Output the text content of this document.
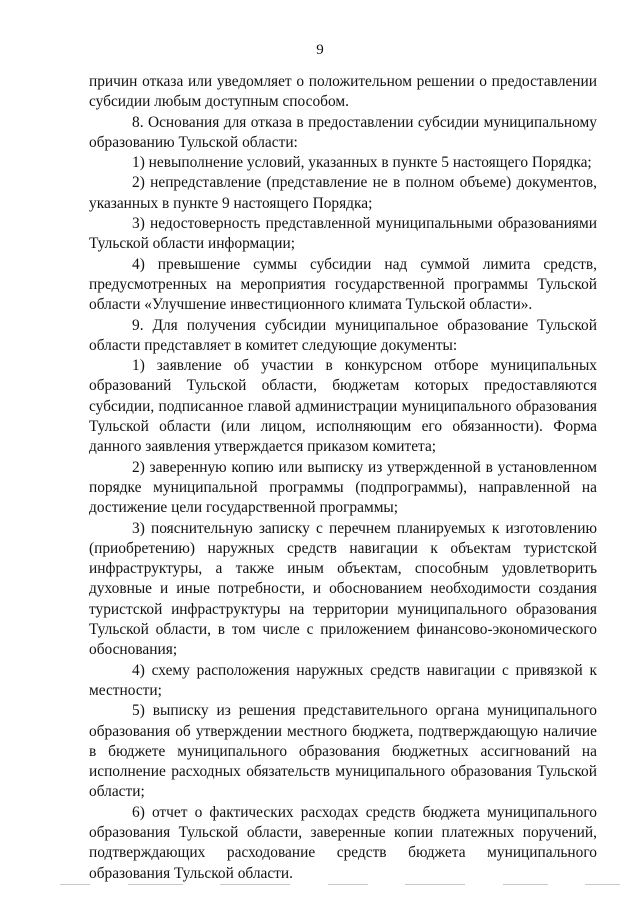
9

причин отказа или уведомляет о положительном решении о предоставлении субсидии любым доступным способом.

8. Основания для отказа в предоставлении субсидии муниципальному образованию Тульской области:

1) невыполнение условий, указанных в пункте 5 настоящего Порядка;

2) непредставление (представление не в полном объеме) документов, указанных в пункте 9 настоящего Порядка;

3) недостоверность представленной муниципальными образованиями Тульской области информации;

4) превышение суммы субсидии над суммой лимита средств, предусмотренных на мероприятия государственной программы Тульской области «Улучшение инвестиционного климата Тульской области».

9. Для получения субсидии муниципальное образование Тульской области представляет в комитет следующие документы:

1) заявление об участии в конкурсном отборе муниципальных образований Тульской области, бюджетам которых предоставляются субсидии, подписанное главой администрации муниципального образования Тульской области (или лицом, исполняющим его обязанности). Форма данного заявления утверждается приказом комитета;

2) заверенную копию или выписку из утвержденной в установленном порядке муниципальной программы (подпрограммы), направленной на достижение цели государственной программы;

3) пояснительную записку с перечнем планируемых к изготовлению (приобретению) наружных средств навигации к объектам туристской инфраструктуры, а также иным объектам, способным удовлетворить духовные и иные потребности, и обоснованием необходимости создания туристской инфраструктуры на территории муниципального образования Тульской области, в том числе с приложением финансово-экономического обоснования;

4) схему расположения наружных средств навигации с привязкой к местности;

5) выписку из решения представительного органа муниципального образования об утверждении местного бюджета, подтверждающую наличие в бюджете муниципального образования бюджетных ассигнований на исполнение расходных обязательств муниципального образования Тульской области;

6) отчет о фактических расходах средств бюджета муниципального образования Тульской области, заверенные копии платежных поручений, подтверждающих расходование средств бюджета муниципального образования Тульской области.
